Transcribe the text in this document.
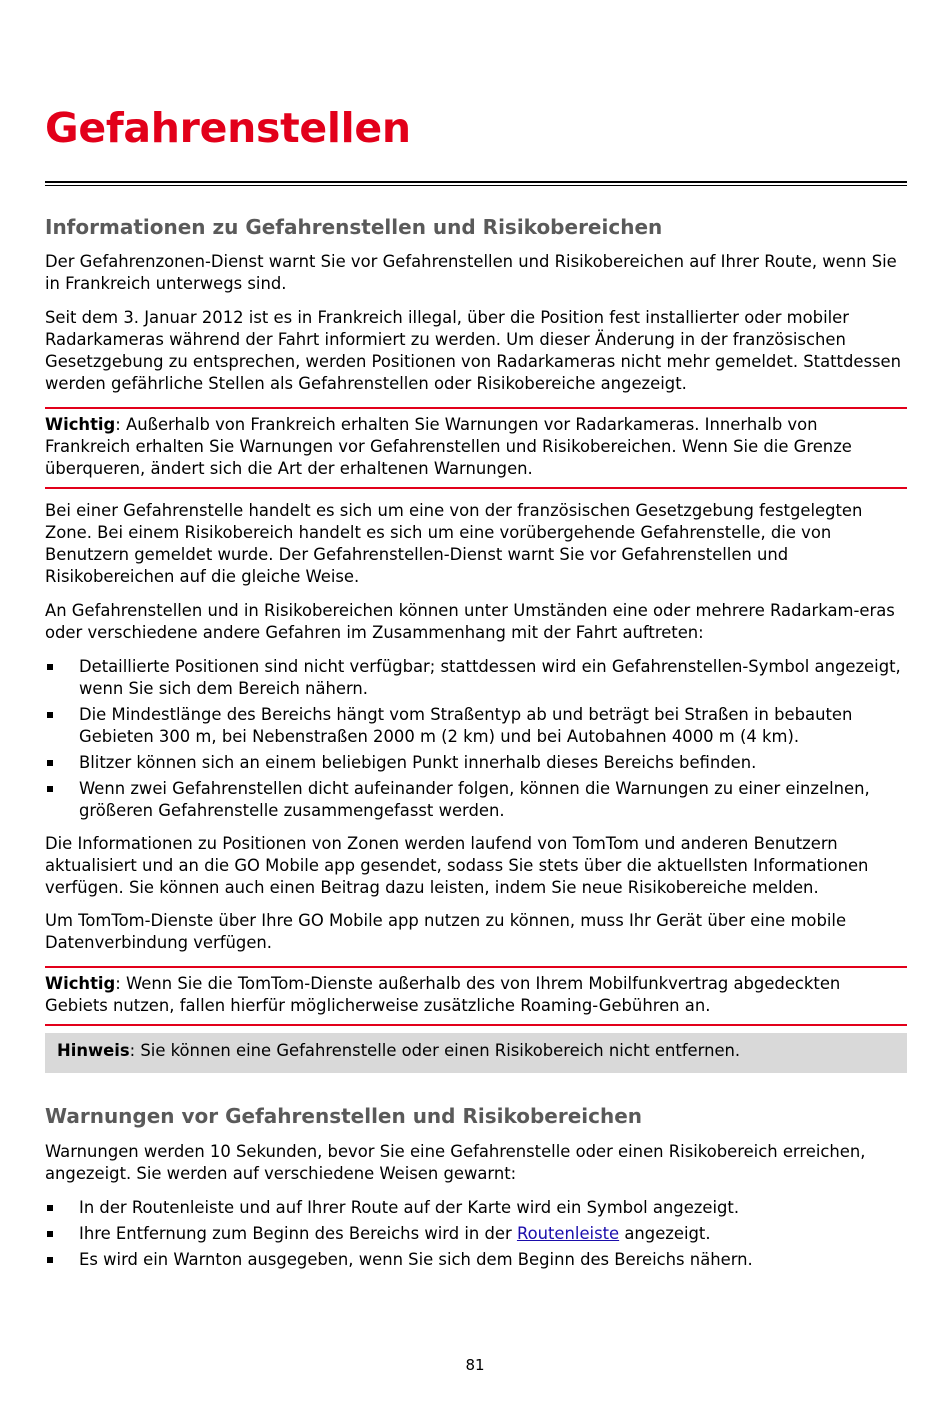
Gefahrenstellen
Informationen zu Gefahrenstellen und Risikobereichen

Der Gefahrenzonen-Dienst warnt Sie vor Gefahrenstellen und Risikobereichen auf Ihrer Route, wenn Sie in Frankreich unterwegs sind.

Seit dem 3. Januar 2012 ist es in Frankreich illegal, über die Position fest installierter oder mobiler Radarkameras während der Fahrt informiert zu werden. Um dieser Änderung in der französischen Gesetzgebung zu entsprechen, werden Positionen von Radarkameras nicht mehr gemeldet. Stattdessen werden gefährliche Stellen als Gefahrenstellen oder Risikobereiche angezeigt.

Wichtig: Außerhalb von Frankreich erhalten Sie Warnungen vor Radarkameras. Innerhalb von Frankreich erhalten Sie Warnungen vor Gefahrenstellen und Risikobereichen. Wenn Sie die Grenze überqueren, ändert sich die Art der erhaltenen Warnungen.

Bei einer Gefahrenstelle handelt es sich um eine von der französischen Gesetzgebung festgelegten Zone. Bei einem Risikobereich handelt es sich um eine vorübergehende Gefahrenstelle, die von Benutzern gemeldet wurde. Der Gefahrenstellen-Dienst warnt Sie vor Gefahrenstellen und Risikobereichen auf die gleiche Weise.

An Gefahrenstellen und in Risikobereichen können unter Umständen eine oder mehrere Radarkam-eras oder verschiedene andere Gefahren im Zusammenhang mit der Fahrt auftreten:

Detaillierte Positionen sind nicht verfügbar; stattdessen wird ein Gefahrenstellen-Symbol angezeigt, wenn Sie sich dem Bereich nähern.
Die Mindestlänge des Bereichs hängt vom Straßentyp ab und beträgt bei Straßen in bebauten Gebieten 300 m, bei Nebenstraßen 2000 m (2 km) und bei Autobahnen 4000 m (4 km).
Blitzer können sich an einem beliebigen Punkt innerhalb dieses Bereichs befinden.
Wenn zwei Gefahrenstellen dicht aufeinander folgen, können die Warnungen zu einer einzelnen, größeren Gefahrenstelle zusammengefasst werden.

Die Informationen zu Positionen von Zonen werden laufend von TomTom und anderen Benutzern aktualisiert und an die GO Mobile app gesendet, sodass Sie stets über die aktuellsten Informationen verfügen. Sie können auch einen Beitrag dazu leisten, indem Sie neue Risikobereiche melden.

Um TomTom-Dienste über Ihre GO Mobile app nutzen zu können, muss Ihr Gerät über eine mobile Datenverbindung verfügen.

Wichtig: Wenn Sie die TomTom-Dienste außerhalb des von Ihrem Mobilfunkvertrag abgedeckten Gebiets nutzen, fallen hierfür möglicherweise zusätzliche Roaming-Gebühren an.

Hinweis: Sie können eine Gefahrenstelle oder einen Risikobereich nicht entfernen.

Warnungen vor Gefahrenstellen und Risikobereichen

Warnungen werden 10 Sekunden, bevor Sie eine Gefahrenstelle oder einen Risikobereich erreichen, angezeigt. Sie werden auf verschiedene Weisen gewarnt:

In der Routenleiste und auf Ihrer Route auf der Karte wird ein Symbol angezeigt.
Ihre Entfernung zum Beginn des Bereichs wird in der Routenleiste angezeigt.
Es wird ein Warnton ausgegeben, wenn Sie sich dem Beginn des Bereichs nähern.
81
